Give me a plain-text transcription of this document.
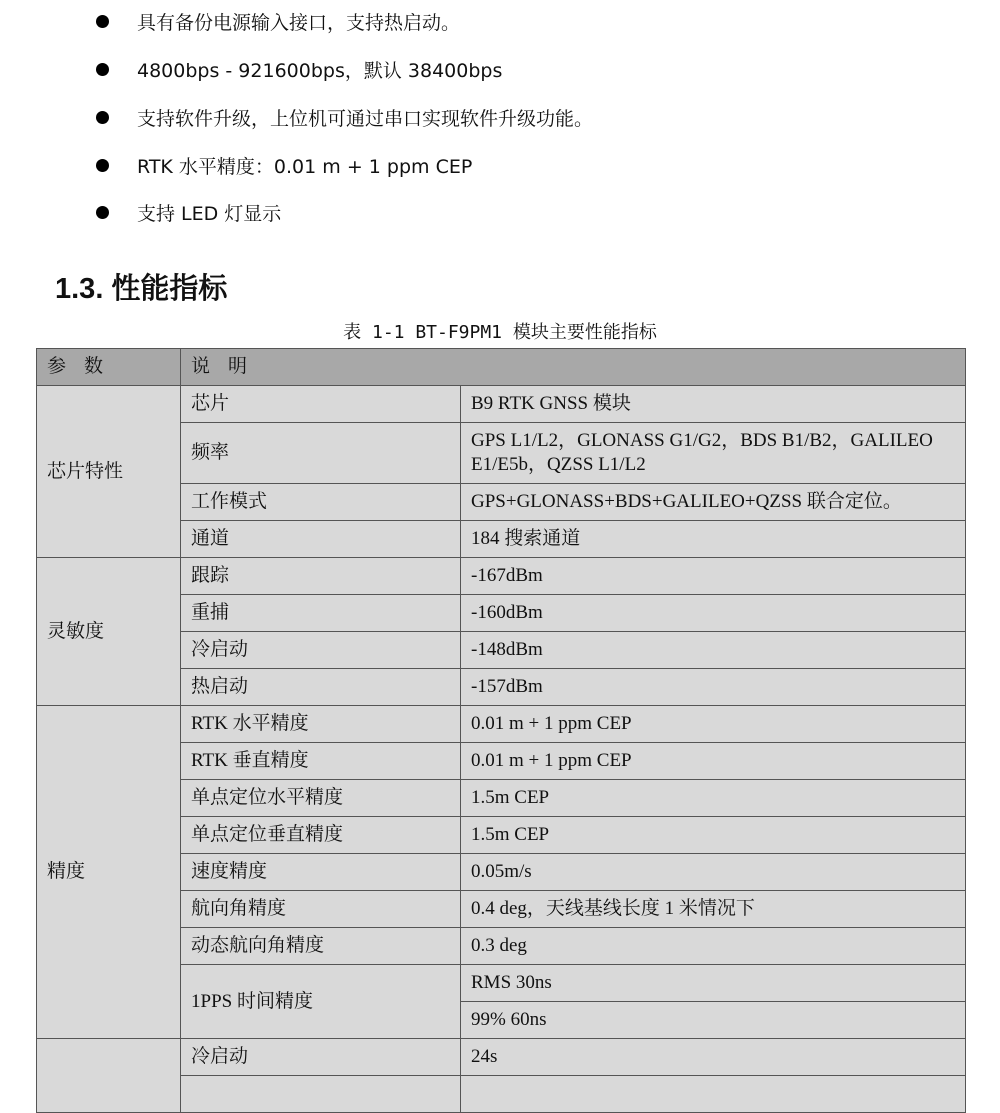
具有备份电源输入接口，支持热启动。
4800bps - 921600bps，默认 38400bps
支持软件升级，上位机可通过串口实现软件升级功能。
RTK 水平精度：0.01 m + 1 ppm CEP
支持 LED 灯显示
1.3. 性能指标
表 1-1 BT-F9PM1 模块主要性能指标
参 数	说 明	
芯片特性	芯片	B9 RTK GNSS 模块
	频率	GPS L1/L2，GLONASS G1/G2，BDS B1/B2，GALILEO E1/E5b，QZSS L1/L2
	工作模式	GPS+GLONASS+BDS+GALILEO+QZSS 联合定位。
	通道	184 搜索通道
灵敏度	跟踪	-167dBm
	重捕	-160dBm
	冷启动	-148dBm
	热启动	-157dBm
精度	RTK 水平精度	0.01 m + 1 ppm CEP
	RTK 垂直精度	0.01 m + 1 ppm CEP
	单点定位水平精度	1.5m CEP
	单点定位垂直精度	1.5m CEP
	速度精度	0.05m/s
	航向角精度	0.4 deg，天线基线长度 1 米情况下
	动态航向角精度	0.3 deg
	1PPS 时间精度	RMS 30ns
		99% 60ns
	冷启动	24s
